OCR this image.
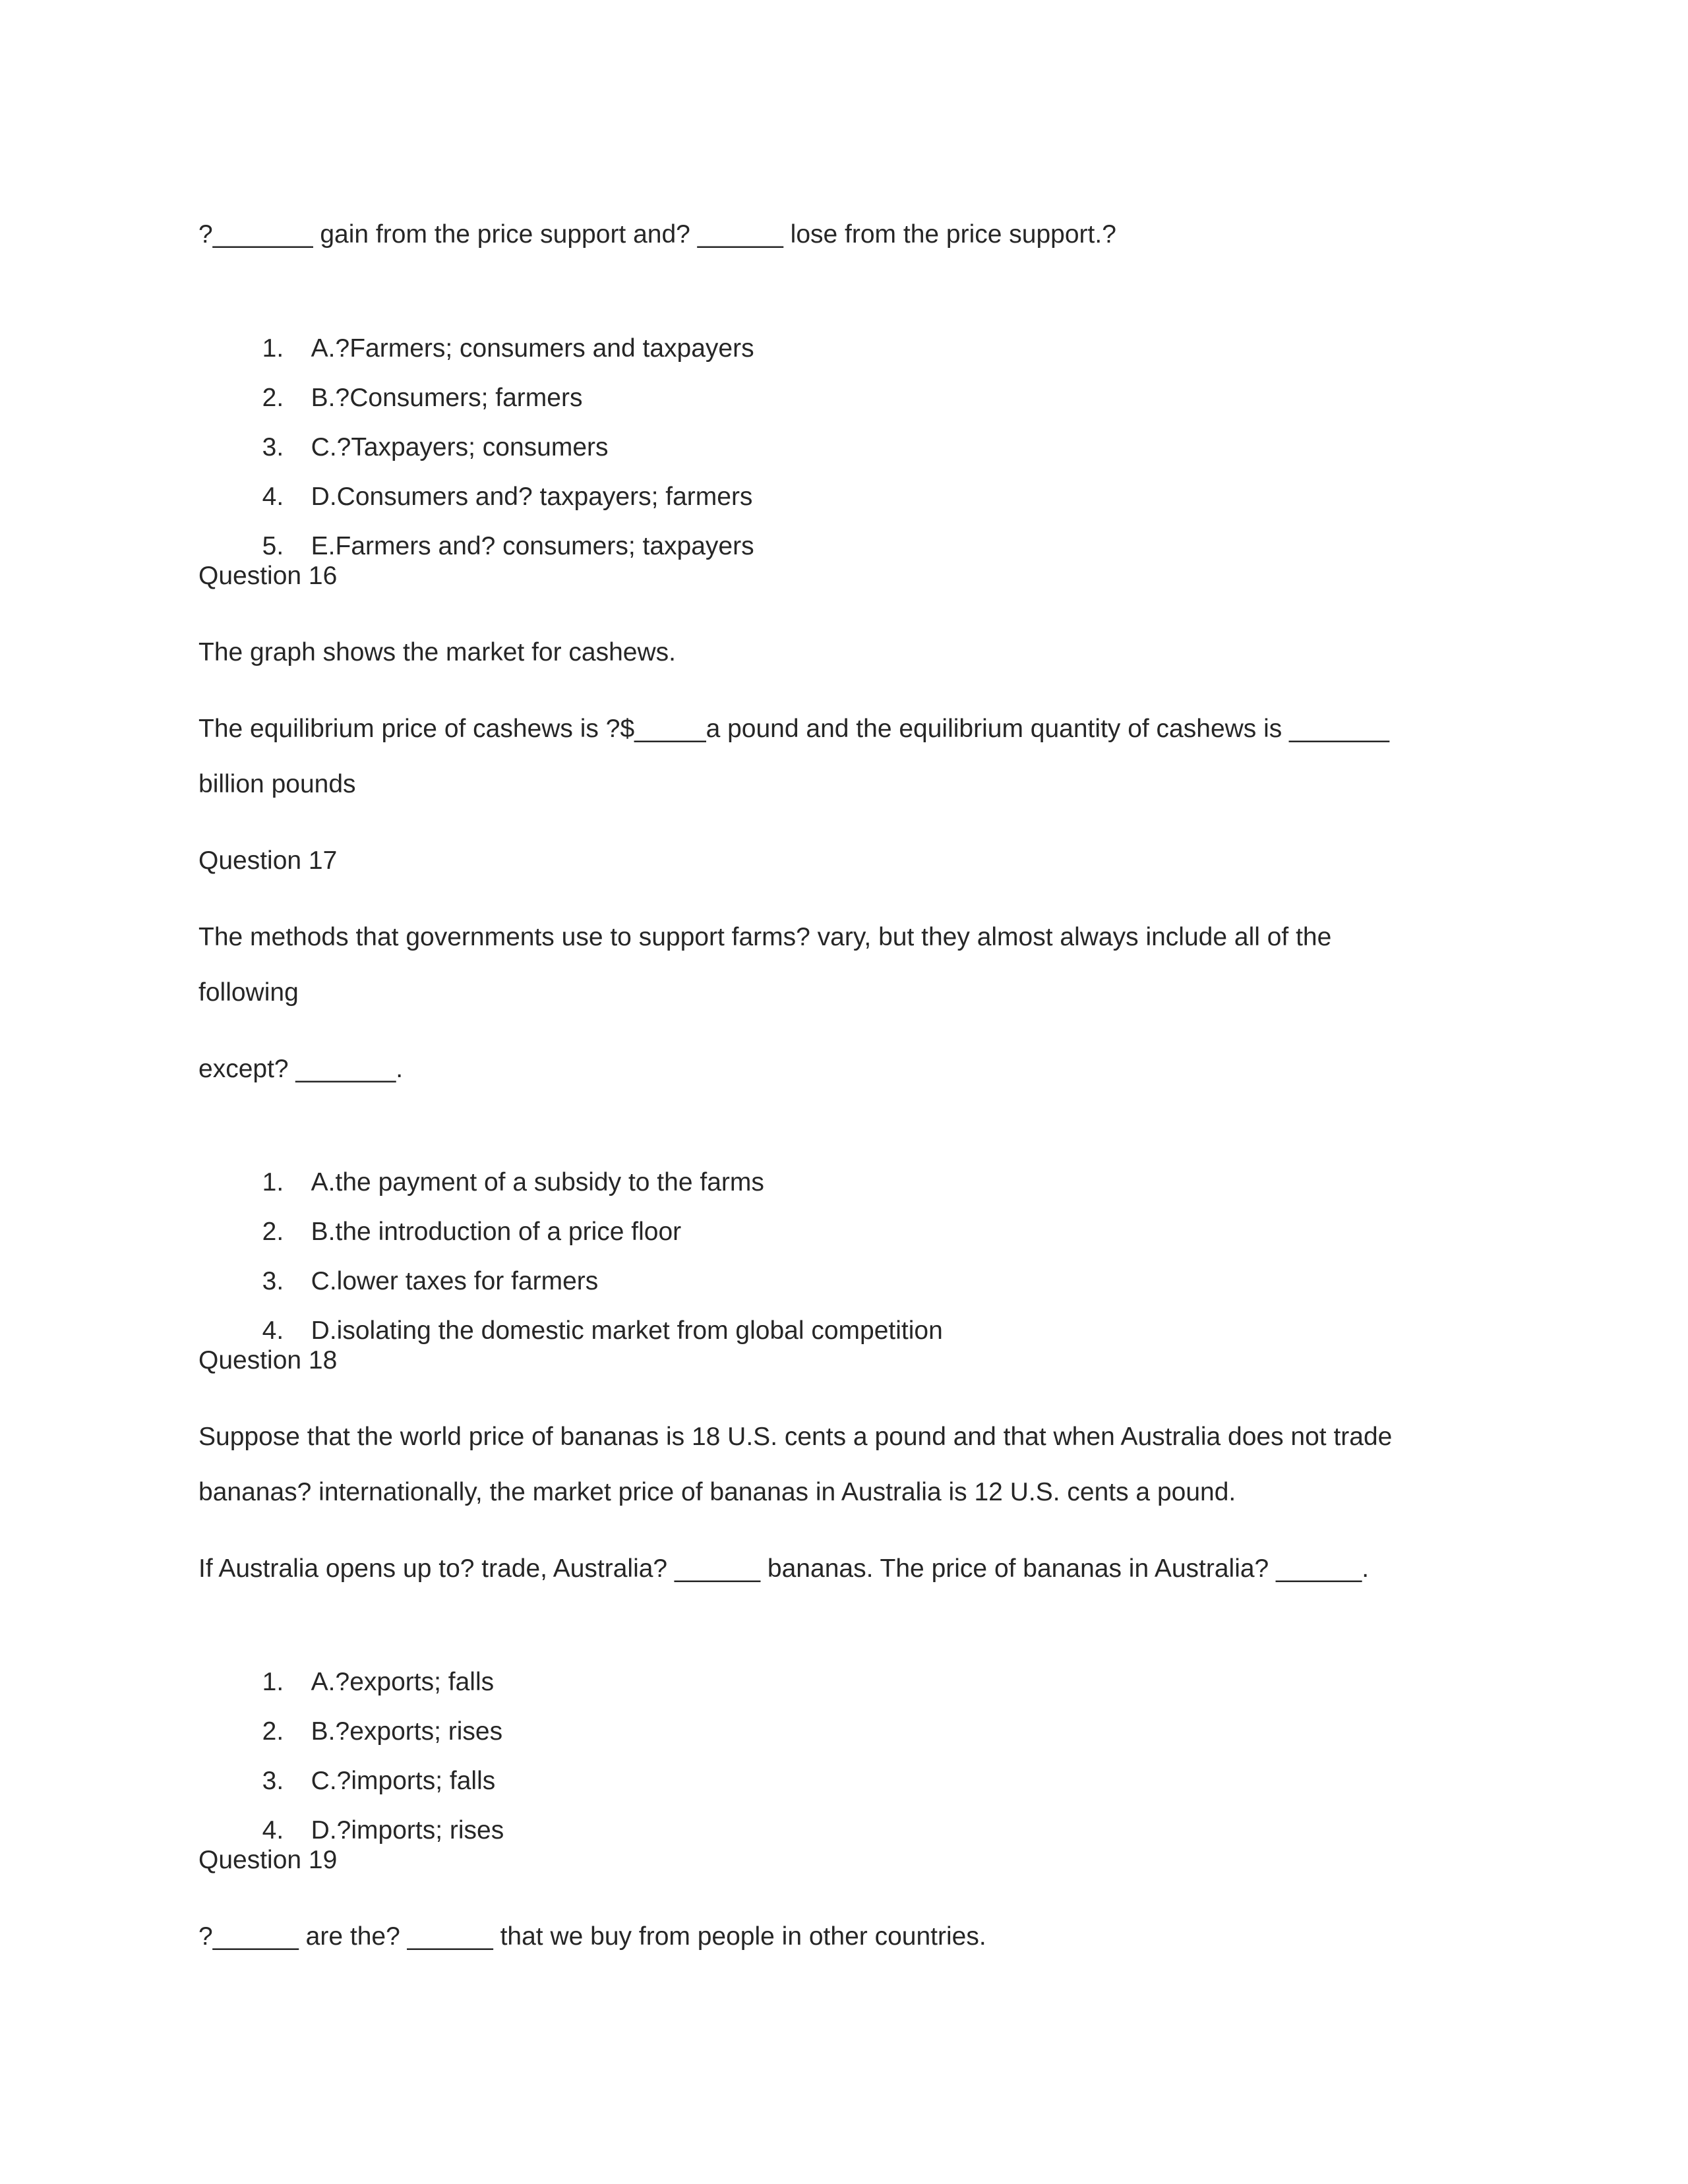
?_______ gain from the price support and? ______ lose from the price support.?

1. A.?Farmers; consumers and taxpayers

2. B.?Consumers; farmers

3. C.?Taxpayers; consumers

4. D.Consumers and? taxpayers; farmers

5. E.Farmers and? consumers; taxpayers

Question 16
The graph shows the market for cashews.
The equilibrium price of cashews is ?$_____a pound and the equilibrium quantity of cashews is _______
billion pounds
Question 17
The methods that governments use to support farms? vary, but they almost always include all of the
following
except? _______.

1. A.the payment of a subsidy to the farms

2. B.the introduction of a price floor

3. C.lower taxes for farmers

4. D.isolating the domestic market from global competition

Question 18
Suppose that the world price of bananas is 18 U.S. cents a pound and that when Australia does not trade
bananas? internationally, the market price of bananas in Australia is 12 U.S. cents a pound.
If Australia opens up to? trade, Australia? ______ bananas. The price of bananas in Australia? ______.

1. A.?exports; falls

2. B.?exports; rises

3. C.?imports; falls

4. D.?imports; rises

Question 19
?______ are the? ______ that we buy from people in other countries.
